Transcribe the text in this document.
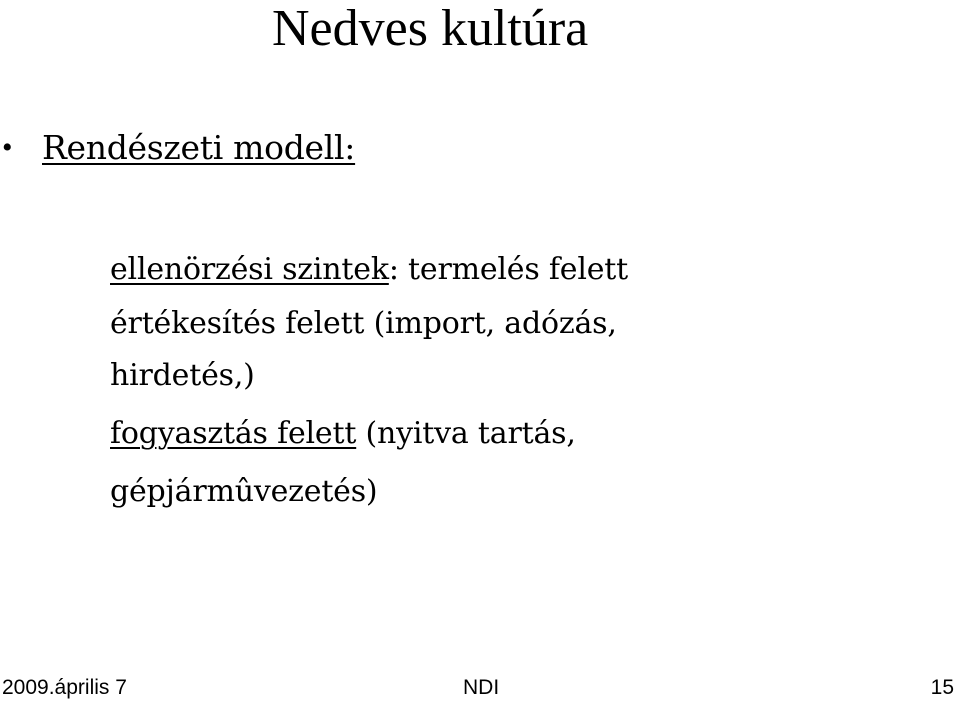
Nedves kultúra
• Rendészeti modell:
ellenörzési szintek: termelés felett
értékesítés felett (import, adózás,
hirdetés,)
fogyasztás felett (nyitva tartás,
gépjármûvezetés)
2009.április 7	NDI	15
